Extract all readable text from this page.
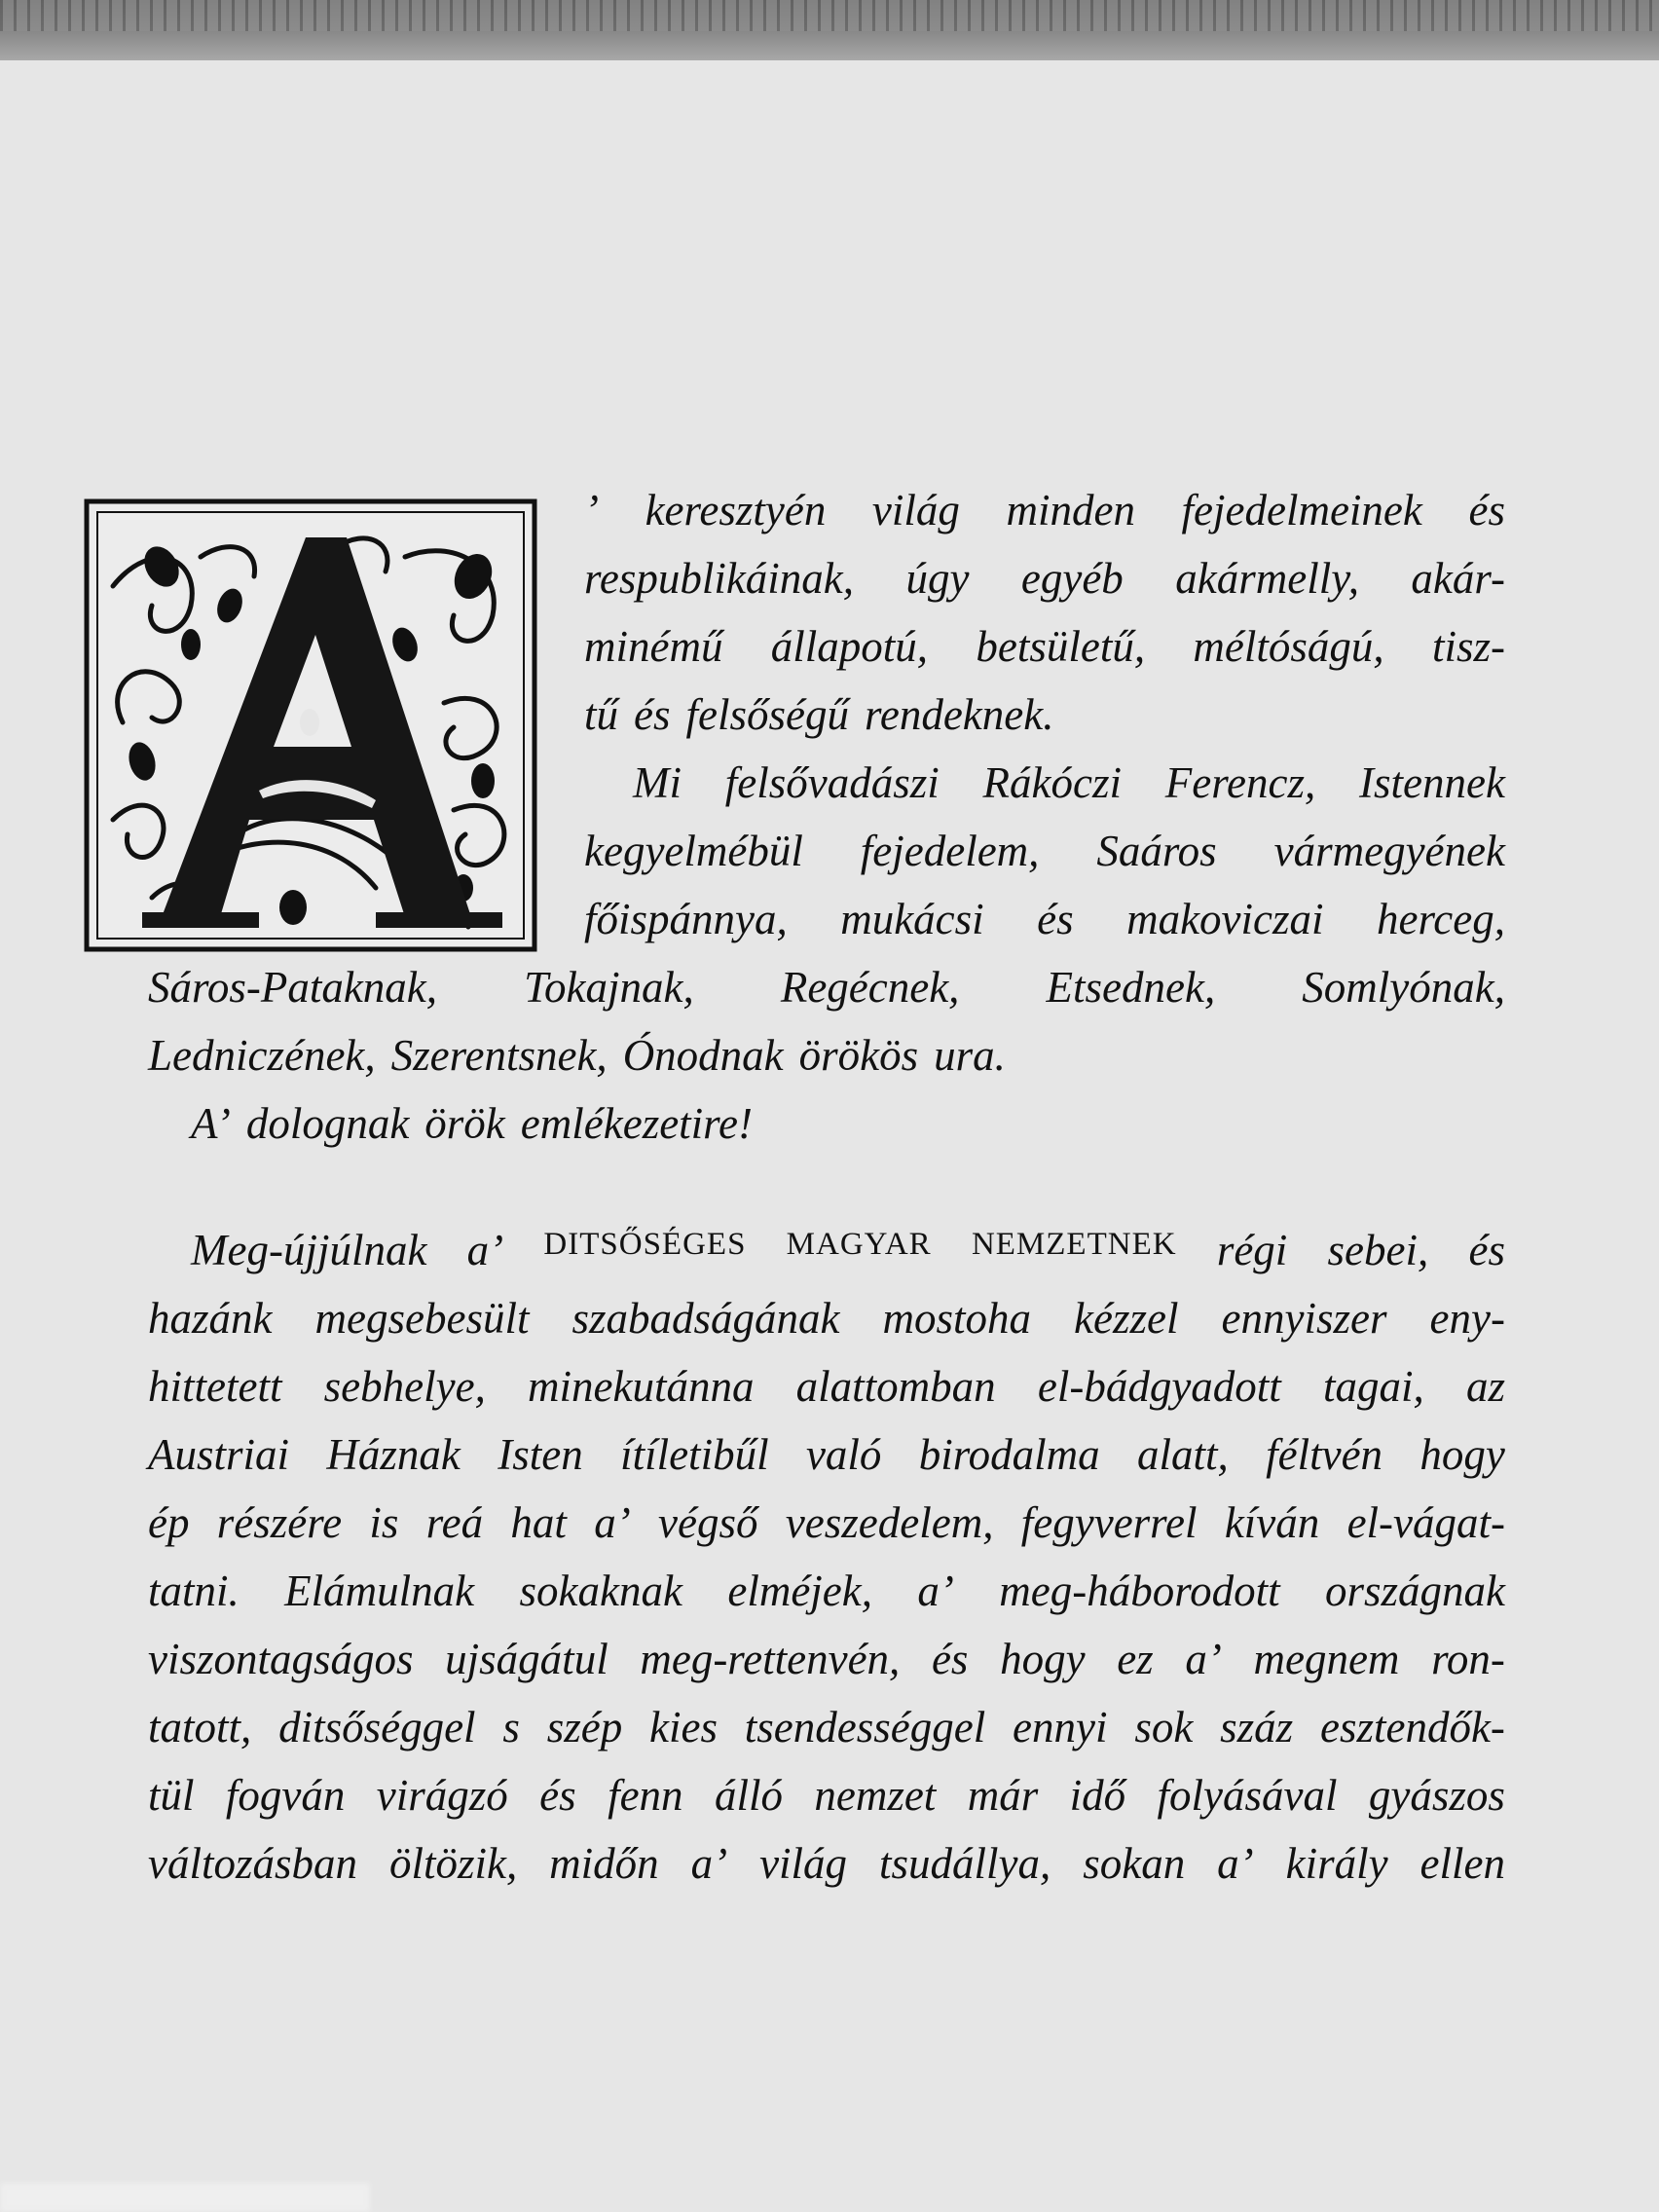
’ keresztyén világ minden fejedelmeinek és

respublikáinak, úgy egyéb akármelly, akár-

minémű állapotú, betsületű, méltóságú, tisz-

tű és felsőségű rendeknek.

Mi felsővadászi Rákóczi Ferencz, Istennek

kegyelmébül fejedelem, Saáros vármegyének

főispánnya, mukácsi és makoviczai herceg,

Sáros-Pataknak, Tokajnak, Regécnek, Etsednek, Somlyónak,

Ledniczének, Szerentsnek, Ónodnak örökös ura.

A’ dolognak örök emlékezetire!

Meg-újjúlnak a’ DITSŐSÉGES MAGYAR NEMZETNEK régi sebei, és

hazánk megsebesült szabadságának mostoha kézzel ennyiszer eny-

hittetett sebhelye, minekutánna alattomban el-bádgyadott tagai, az

Austriai Háznak Isten ítíletibűl való birodalma alatt, féltvén hogy

ép részére is reá hat a’ végső veszedelem, fegyverrel kíván el-vágat-

tatni. Elámulnak sokaknak elméjek, a’ meg-háborodott országnak

viszontagságos ujságátul meg-rettenvén, és hogy ez a’ megnem ron-

tatott, ditsőséggel s szép kies tsendességgel ennyi sok száz esztendők-

tül fogván virágzó és fenn álló nemzet már idő folyásával gyászos

változásban öltözik, midőn a’ világ tsudállya, sokan a’ király ellen
